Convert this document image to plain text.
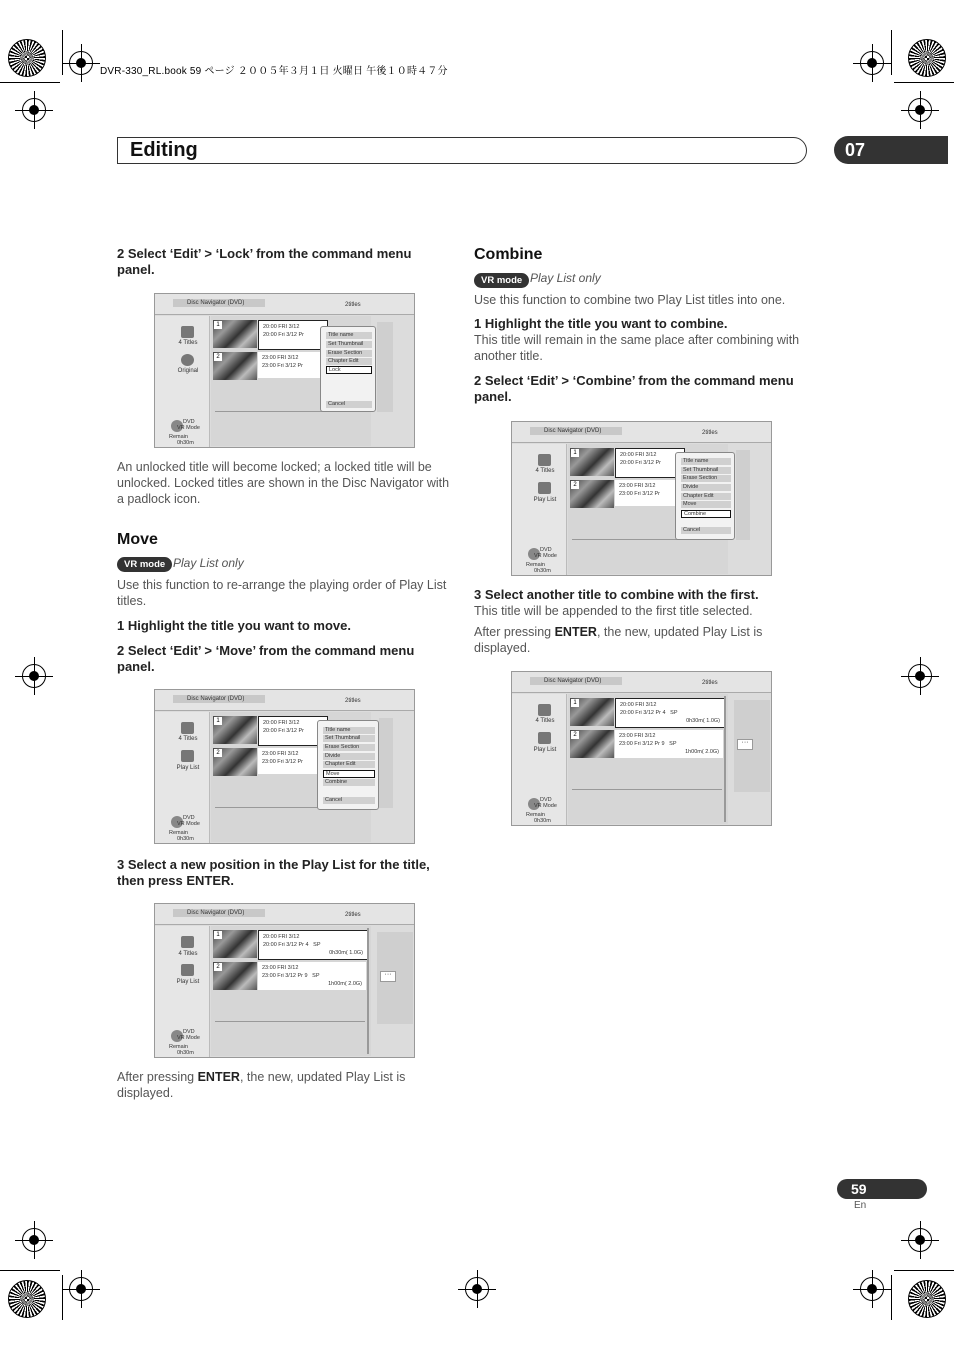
DVR-330_RL.book 59 ページ ２００５年３月１日 火曜日 午後１０時４７分
Editing	07
2 Select ‘Edit’ > ‘Lock’ from the command menu panel.
Disc Navigator (DVD)	2titles
4 Titles
Original
DVD
VR Mode
Remain
0h30m
1	20:00 FRI 3/12
20:00 Fri 3/12 Pr
2	23:00 FRI 3/12
23:00 Fri 3/12 Pr
Title name
Set Thumbnail
Erase Section
Chapter Edit
Lock
Cancel
An unlocked title will become locked; a locked title will be unlocked. Locked titles are shown in the Disc Navigator with a padlock icon.
Move
VR mode Play List only
Use this function to re-arrange the playing order of Play List titles.
1 Highlight the title you want to move.
2 Select ‘Edit’ > ‘Move’ from the command menu panel.
Disc Navigator (DVD)	2titles
4 Titles
Play List
DVD
VR Mode
Remain
0h30m
1	20:00 FRI 3/12
20:00 Fri 3/12 Pr
2	23:00 FRI 3/12
23:00 Fri 3/12 Pr
Title name
Set Thumbnail
Erase Section
Divide
Chapter Edit
Move
Combine
Cancel
3 Select a new position in the Play List for the title, then press ENTER.
Disc Navigator (DVD)	2titles
4 Titles
Play List
DVD
VR Mode
Remain
0h30m
1	20:00 FRI 3/12
20:00 Fri 3/12 Pr 4 SP
0h30m( 1.0G)
2	23:00 FRI 3/12
23:00 Fri 3/12 Pr 9 SP
1h00m( 2.0G)
···
After pressing ENTER, the new, updated Play List is displayed.
Combine
VR mode Play List only
Use this function to combine two Play List titles into one.
1 Highlight the title you want to combine.
This title will remain in the same place after combining with another title.
2 Select ‘Edit’ > ‘Combine’ from the command menu panel.
Disc Navigator (DVD)	2titles
4 Titles
Play List
DVD
VR Mode
Remain
0h30m
1	20:00 FRI 3/12
20:00 Fri 3/12 Pr
2	23:00 FRI 3/12
23:00 Fri 3/12 Pr
Title name
Set Thumbnail
Erase Section
Divide
Chapter Edit
Move
Combine
Cancel
3 Select another title to combine with the first.
This title will be appended to the first title selected.
After pressing ENTER, the new, updated Play List is displayed.
Disc Navigator (DVD)	2titles
4 Titles
Play List
DVD
VR Mode
Remain
0h30m
1	20:00 FRI 3/12
20:00 Fri 3/12 Pr 4 SP
0h30m( 1.0G)
2	23:00 FRI 3/12
23:00 Fri 3/12 Pr 9 SP
1h00m( 2.0G)
···
59
En
